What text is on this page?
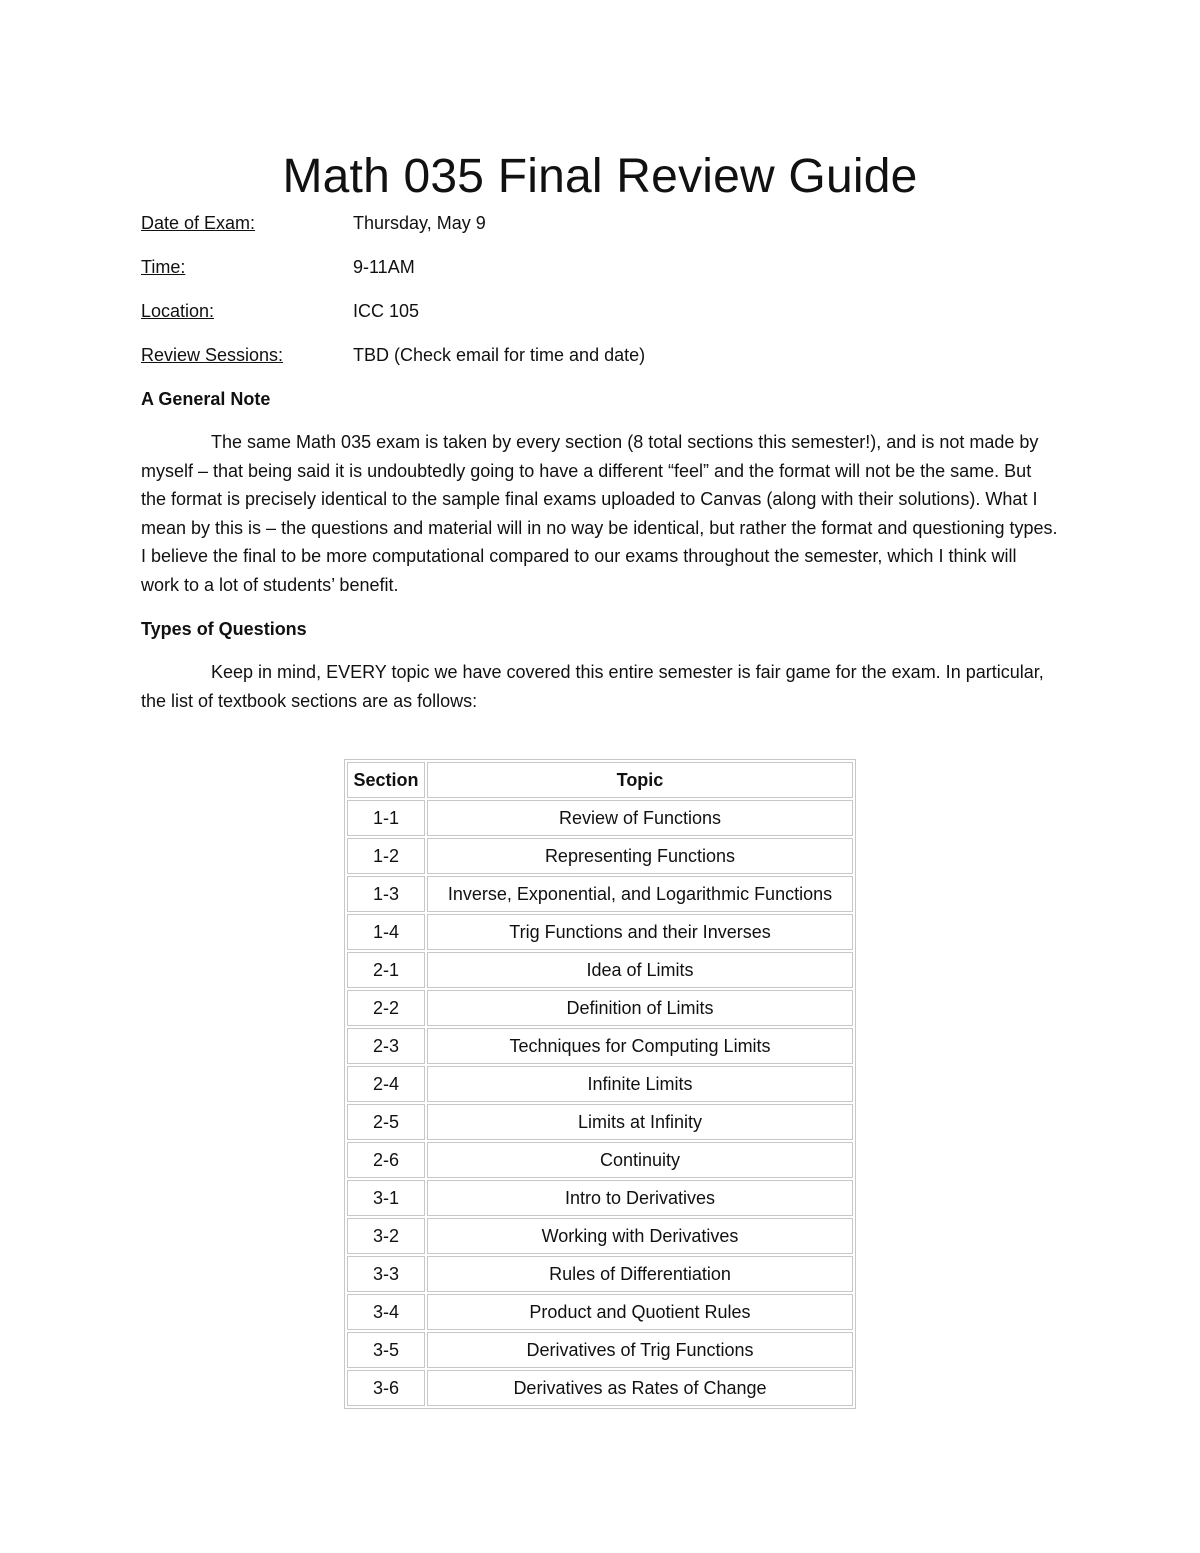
Math 035 Final Review Guide
Date of Exam:	Thursday, May 9
Time:	9-11AM
Location:	ICC 105
Review Sessions:	TBD (Check email for time and date)
A General Note

The same Math 035 exam is taken by every section (8 total sections this semester!), and is not made by myself – that being said it is undoubtedly going to have a different “feel” and the format will not be the same. But the format is precisely identical to the sample final exams uploaded to Canvas (along with their solutions). What I mean by this is – the questions and material will in no way be identical, but rather the format and questioning types. I believe the final to be more computational compared to our exams throughout the semester, which I think will work to a lot of students’ benefit.

Types of Questions

Keep in mind, EVERY topic we have covered this entire semester is fair game for the exam. In particular, the list of textbook sections are as follows:

Section	Topic
1-1	Review of Functions
1-2	Representing Functions
1-3	Inverse, Exponential, and Logarithmic Functions
1-4	Trig Functions and their Inverses
2-1	Idea of Limits
2-2	Definition of Limits
2-3	Techniques for Computing Limits
2-4	Infinite Limits
2-5	Limits at Infinity
2-6	Continuity
3-1	Intro to Derivatives
3-2	Working with Derivatives
3-3	Rules of Differentiation
3-4	Product and Quotient Rules
3-5	Derivatives of Trig Functions
3-6	Derivatives as Rates of Change
